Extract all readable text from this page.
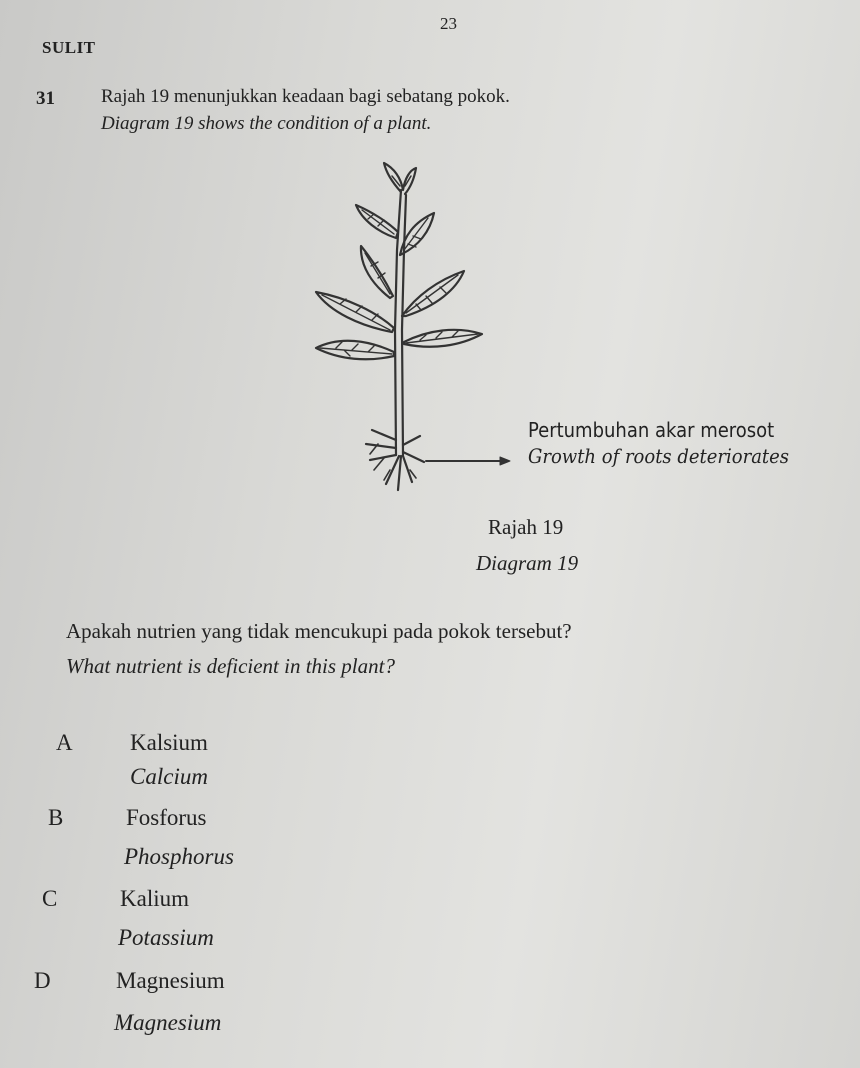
23
SULIT
31 Rajah 19 menunjukkan keadaan bagi sebatang pokok.
Diagram 19 shows the condition of a plant.
Pertumbuhan akar merosot
Growth of roots deteriorates
Rajah 19
Diagram 19
Apakah nutrien yang tidak mencukupi pada pokok tersebut?
What nutrient is deficient in this plant?
A Kalsium
Calcium
B	Fosforus
Phosphorus
C	Kalium
Potassium
D	Magnesium
Magnesium
